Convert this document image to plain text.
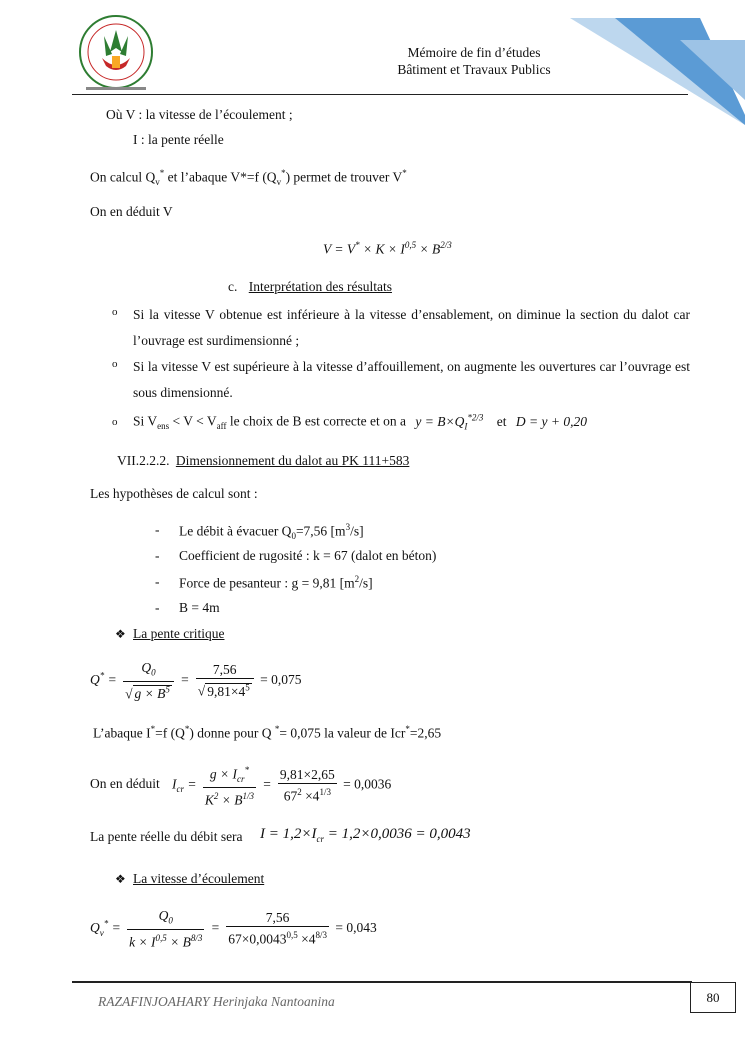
Mémoire de fin d’études
Bâtiment et Travaux Publics
Où V : la vitesse de l’écoulement ;
I : la pente réelle
On calcul $Q_v^*$ et l’abaque V*=f $(Q_v^*)$ permet de trouver V*
On en déduit V
$V = V^* \times K \times I^{0,5} \times B^{2/3}$
c. Interprétation des résultats
o Si la vitesse V obtenue est inférieure à la vitesse d’ensablement, on diminue la section du dalot car l’ouvrage est surdimensionné ;
o Si la vitesse V est supérieure à la vitesse d’affouillement, on augmente les ouvertures car l’ouvrage est sous dimensionné.
o Si $V_{ens} < V < V_{aff}$ le choix de B est correcte et on a $y = B\times Q_I^{*2/3}$ et D = y + 0,20
VII.2.2.2. Dimensionnement du dalot au PK 111+583
Les hypothèses de calcul sont :
- Le débit à évacuer $Q_0=7,56$ $[m^3/s]$
- Coefficient de rugosité : k = 67 (dalot en béton)
- Force de pesanteur : g = 9,81 $[m^2/s]$
- B = 4m
❖ La pente critique
$Q^* = \frac{Q_0}{√ g \times B^5} = \frac{7,56}{√ 9,81\times 4^5} = 0,075$
L’abaque I*=f (Q*) donne pour Q *= 0,075 la valeur de Icr*=2,65
On en déduit $I_{cr} = \frac{g \times I_{cr}^*}{K^2 \times B^{1/3}} = \frac{9,81\times 2,65}{67^2 \times 4^{1/3}} = 0,0036$
La pente réelle du débit sera $I = 1,2\times I_{cr} = 1,2\times 0,0036 = 0,0043$
❖ La vitesse d’écoulement
$Q_v^* = \frac{Q_0}{k \times I^{0,5} \times B^{8/3}} = \frac{7,56}{67\times 0,0043^{0,5} \times 4^{8/3}} = 0,043$
RAZAFINJOAHARY Herinjaka Nantoanina	80
